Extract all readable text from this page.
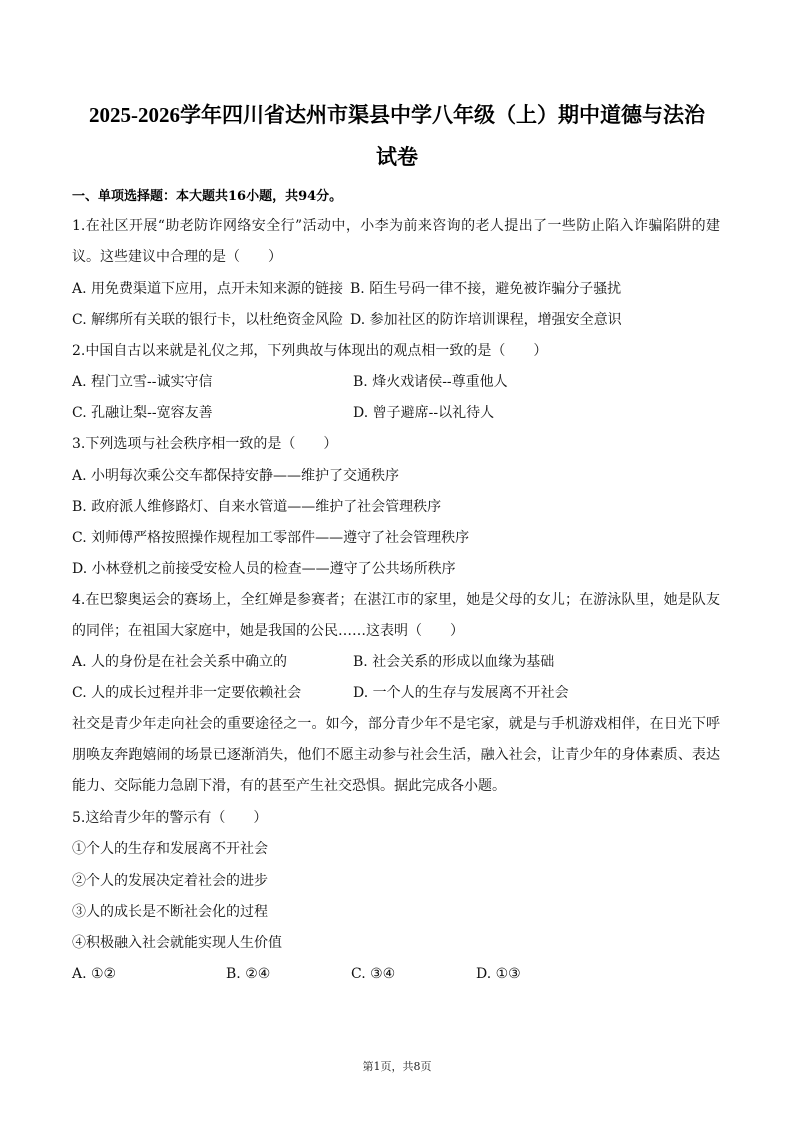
2025-2026学年四川省达州市渠县中学八年级（上）期中道德与法治
试卷
一、单项选择题：本大题共16小题，共94分。
1.在社区开展“助老防诈网络安全行”活动中，小李为前来咨询的老人提出了一些防止陷入诈骗陷阱的建议。这些建议中合理的是（　　）
A. 用免费渠道下应用，点开未知来源的链接 B. 陌生号码一律不接，避免被诈骗分子骚扰
C. 解绑所有关联的银行卡，以杜绝资金风险 D. 参加社区的防诈培训课程，增强安全意识
2.中国自古以来就是礼仪之邦，下列典故与体现出的观点相一致的是（　　）
A. 程门立雪--诚实守信	B. 烽火戏诸侯--尊重他人
C. 孔融让梨--宽容友善	D. 曾子避席--以礼待人
3.下列选项与社会秩序相一致的是（　　）
A. 小明每次乘公交车都保持安静——维护了交通秩序
B. 政府派人维修路灯、自来水管道——维护了社会管理秩序
C. 刘师傅严格按照操作规程加工零部件——遵守了社会管理秩序
D. 小林登机之前接受安检人员的检查——遵守了公共场所秩序
4.在巴黎奥运会的赛场上，全红婵是参赛者；在湛江市的家里，她是父母的女儿；在游泳队里，她是队友的同伴；在祖国大家庭中，她是我国的公民……这表明（　　）
A. 人的身份是在社会关系中确立的	B. 社会关系的形成以血缘为基础
C. 人的成长过程并非一定要依赖社会	D. 一个人的生存与发展离不开社会
社交是青少年走向社会的重要途径之一。如今，部分青少年不是宅家，就是与手机游戏相伴，在日光下呼朋唤友奔跑嬉闹的场景已逐渐消失，他们不愿主动参与社会生活，融入社会，让青少年的身体素质、表达能力、交际能力急剧下滑，有的甚至产生社交恐惧。据此完成各小题。
5.这给青少年的警示有（　　）
①个人的生存和发展离不开社会
②个人的发展决定着社会的进步
③人的成长是不断社会化的过程
④积极融入社会就能实现人生价值
A. ①②	B. ②④	C. ③④	D. ①③
第1页，共8页
